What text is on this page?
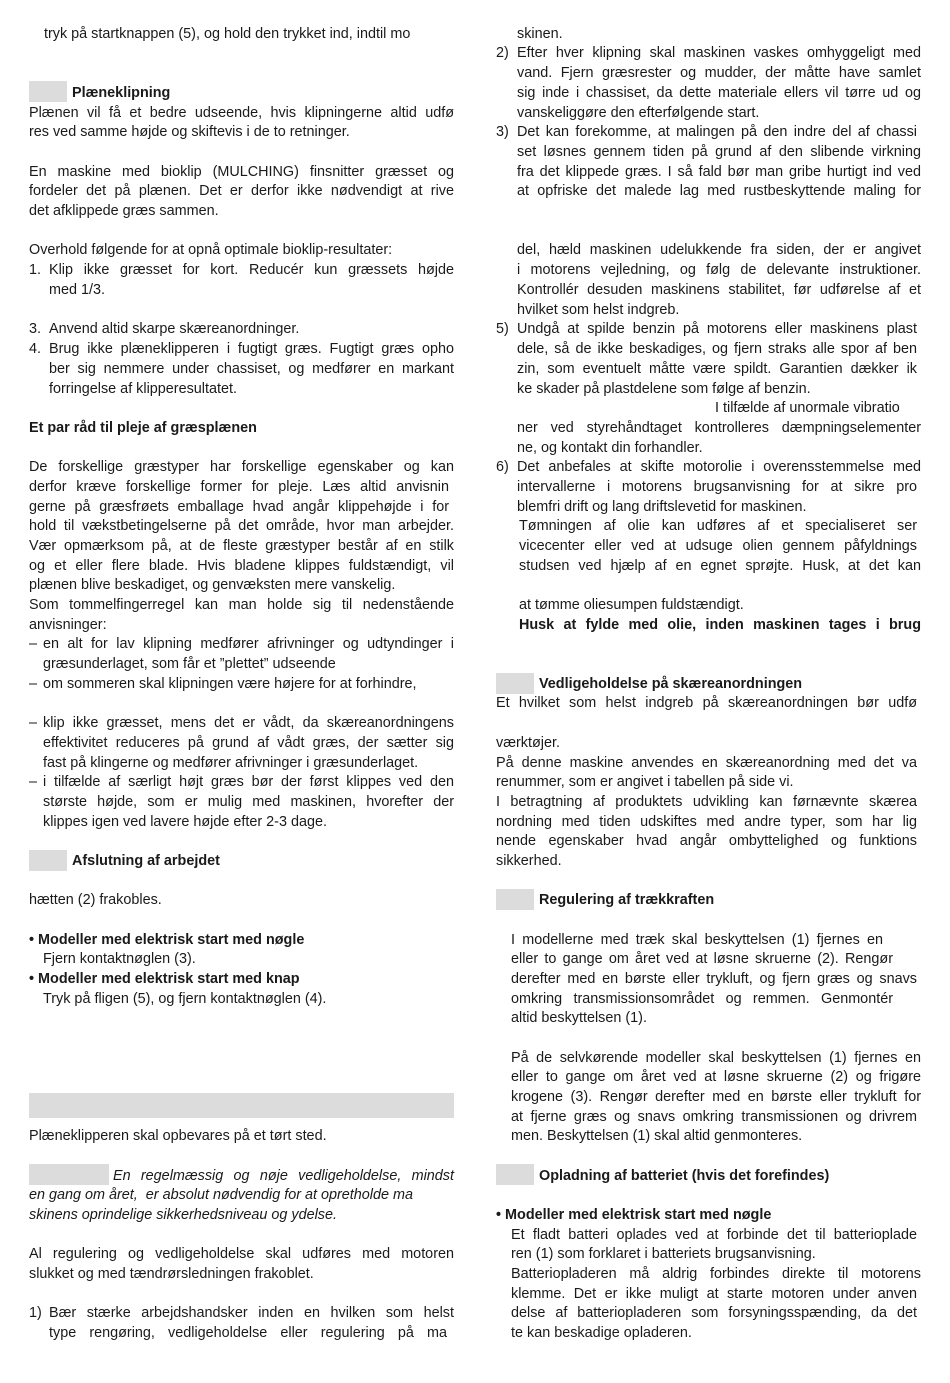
tryk på startknappen (5), og hold den trykket ind, indtil mo
Plæneklipning
Plænen vil få et bedre udseende, hvis klipningerne altid udfø
res ved samme højde og skiftevis i de to retninger.
En maskine med bioklip (MULCHING) finsnitter græsset og
fordeler det på plænen. Det er derfor ikke nødvendigt at rive
det afklippede græs sammen.
Overhold følgende for at opnå optimale bioklip-resultater:
1. Klip ikke græsset for kort. Reducér kun græssets højde
med 1/3.
3. Anvend altid skarpe skæreanordninger.
4. Brug ikke plæneklipperen i fugtigt græs. Fugtigt græs opho
ber sig nemmere under chassiset, og medfører en markant
forringelse af klipperesultatet.
Et par råd til pleje af græsplænen
De forskellige græstyper har forskellige egenskaber og kan
derfor kræve forskellige former for pleje. Læs altid anvisnin
gerne på græsfrøets emballage hvad angår klippehøjde i for
hold til vækstbetingelserne på det område, hvor man arbejder.
Vær opmærksom på, at de fleste græstyper består af en stilk
og et eller flere blade. Hvis bladene klippes fuldstændigt, vil
plænen blive beskadiget, og genvæksten mere vanskelig.
Som tommelfingerregel kan man holde sig til nedenstående
anvisninger:
– en alt for lav klipning medfører afrivninger og udtyndinger i
græsunderlaget, som får et ”plettet” udseende
– om sommeren skal klipningen være højere for at forhindre,
– klip ikke græsset, mens det er vådt, da skæreanordningens
effektivitet reduceres på grund af vådt græs, der sætter sig
fast på klingerne og medfører afrivninger i græsunderlaget.
– i tilfælde af særligt højt græs bør der først klippes ved den
største højde, som er mulig med maskinen, hvorefter der
klippes igen ved lavere højde efter 2-3 dage.
Afslutning af arbejdet
hætten (2) frakobles.
• Modeller med elektrisk start med nøgle
Fjern kontaktnøglen (3).
• Modeller med elektrisk start med knap
Tryk på fligen (5), og fjern kontaktnøglen (4).
Plæneklipperen skal opbevares på et tørt sted.
En regelmæssig og nøje vedligeholdelse, mindst
en gang om året,  er absolut nødvendig for at opretholde ma
skinens oprindelige sikkerhedsniveau og ydelse.
Al regulering og vedligeholdelse skal udføres med motoren
slukket og med tændrørsledningen frakoblet.
1) Bær stærke arbejdshandsker inden en hvilken som helst
type rengøring, vedligeholdelse eller regulering på ma
skinen.
2) Efter hver klipning skal maskinen vaskes omhyggeligt med
vand. Fjern græsrester og mudder, der måtte have samlet
sig inde i chassiset, da dette materiale ellers vil tørre ud og
vanskeliggøre den efterfølgende start.
3) Det kan forekomme, at malingen på den indre del af chassi
set løsnes gennem tiden på grund af den slibende virkning
fra det klippede græs. I så fald bør man gribe hurtigt ind ved
at opfriske det malede lag med rustbeskyttende maling for
del, hæld maskinen udelukkende fra siden, der er angivet
i motorens vejledning, og følg de delevante instruktioner.
Kontrollér desuden maskinens stabilitet, før udførelse af et
hvilket som helst indgreb.
5) Undgå at spilde benzin på motorens eller maskinens plast
dele, så de ikke beskadiges, og fjern straks alle spor af ben
zin, som eventuelt måtte være spildt. Garantien dækker ik
ke skader på plastdelene som følge af benzin.
I tilfælde af unormale vibratio
ner ved styrehåndtaget kontrolleres dæmpningselementer
ne, og kontakt din forhandler.
6) Det anbefales at skifte motorolie i overensstemmelse med
intervallerne i motorens brugsanvisning for at sikre pro
blemfri drift og lang driftslevetid for maskinen.
Tømningen af olie kan udføres af et specialiseret ser
vicecenter eller ved at udsuge olien gennem påfyldnings
studsen ved hjælp af en egnet sprøjte. Husk, at det kan
at tømme oliesumpen fuldstændigt.
Husk at fylde med olie, inden maskinen tages i brug
Vedligeholdelse på skæreanordningen
Et hvilket som helst indgreb på skæreanordningen bør udfø
værktøjer.
På denne maskine anvendes en skæreanordning med det va
renummer, som er angivet i tabellen på side vi.
I betragtning af produktets udvikling kan førnævnte skærea
nordning med tiden udskiftes med andre typer, som har lig
nende egenskaber hvad angår ombyttelighed og funktions
sikkerhed.
Regulering af trækkraften
I modellerne med træk skal beskyttelsen (1) fjernes en
eller to gange om året ved at løsne skruerne (2). Rengør
derefter med en børste eller trykluft, og fjern græs og snavs
omkring transmissionsområdet og remmen. Genmontér
altid beskyttelsen (1).
På de selvkørende modeller skal beskyttelsen (1) fjernes en
eller to gange om året ved at løsne skruerne (2) og frigøre
krogene (3). Rengør derefter med en børste eller trykluft for
at fjerne græs og snavs omkring transmissionen og drivrem
men. Beskyttelsen (1) skal altid genmonteres.
Opladning af batteriet (hvis det forefindes)
• Modeller med elektrisk start med nøgle
Et fladt batteri oplades ved at forbinde det til batterioplade
ren (1) som forklaret i batteriets brugsanvisning.
Batteriopladeren må aldrig forbindes direkte til motorens
klemme. Det er ikke muligt at starte motoren under anven
delse af batteriopladeren som forsyningsspænding, da det
te kan beskadige opladeren.
